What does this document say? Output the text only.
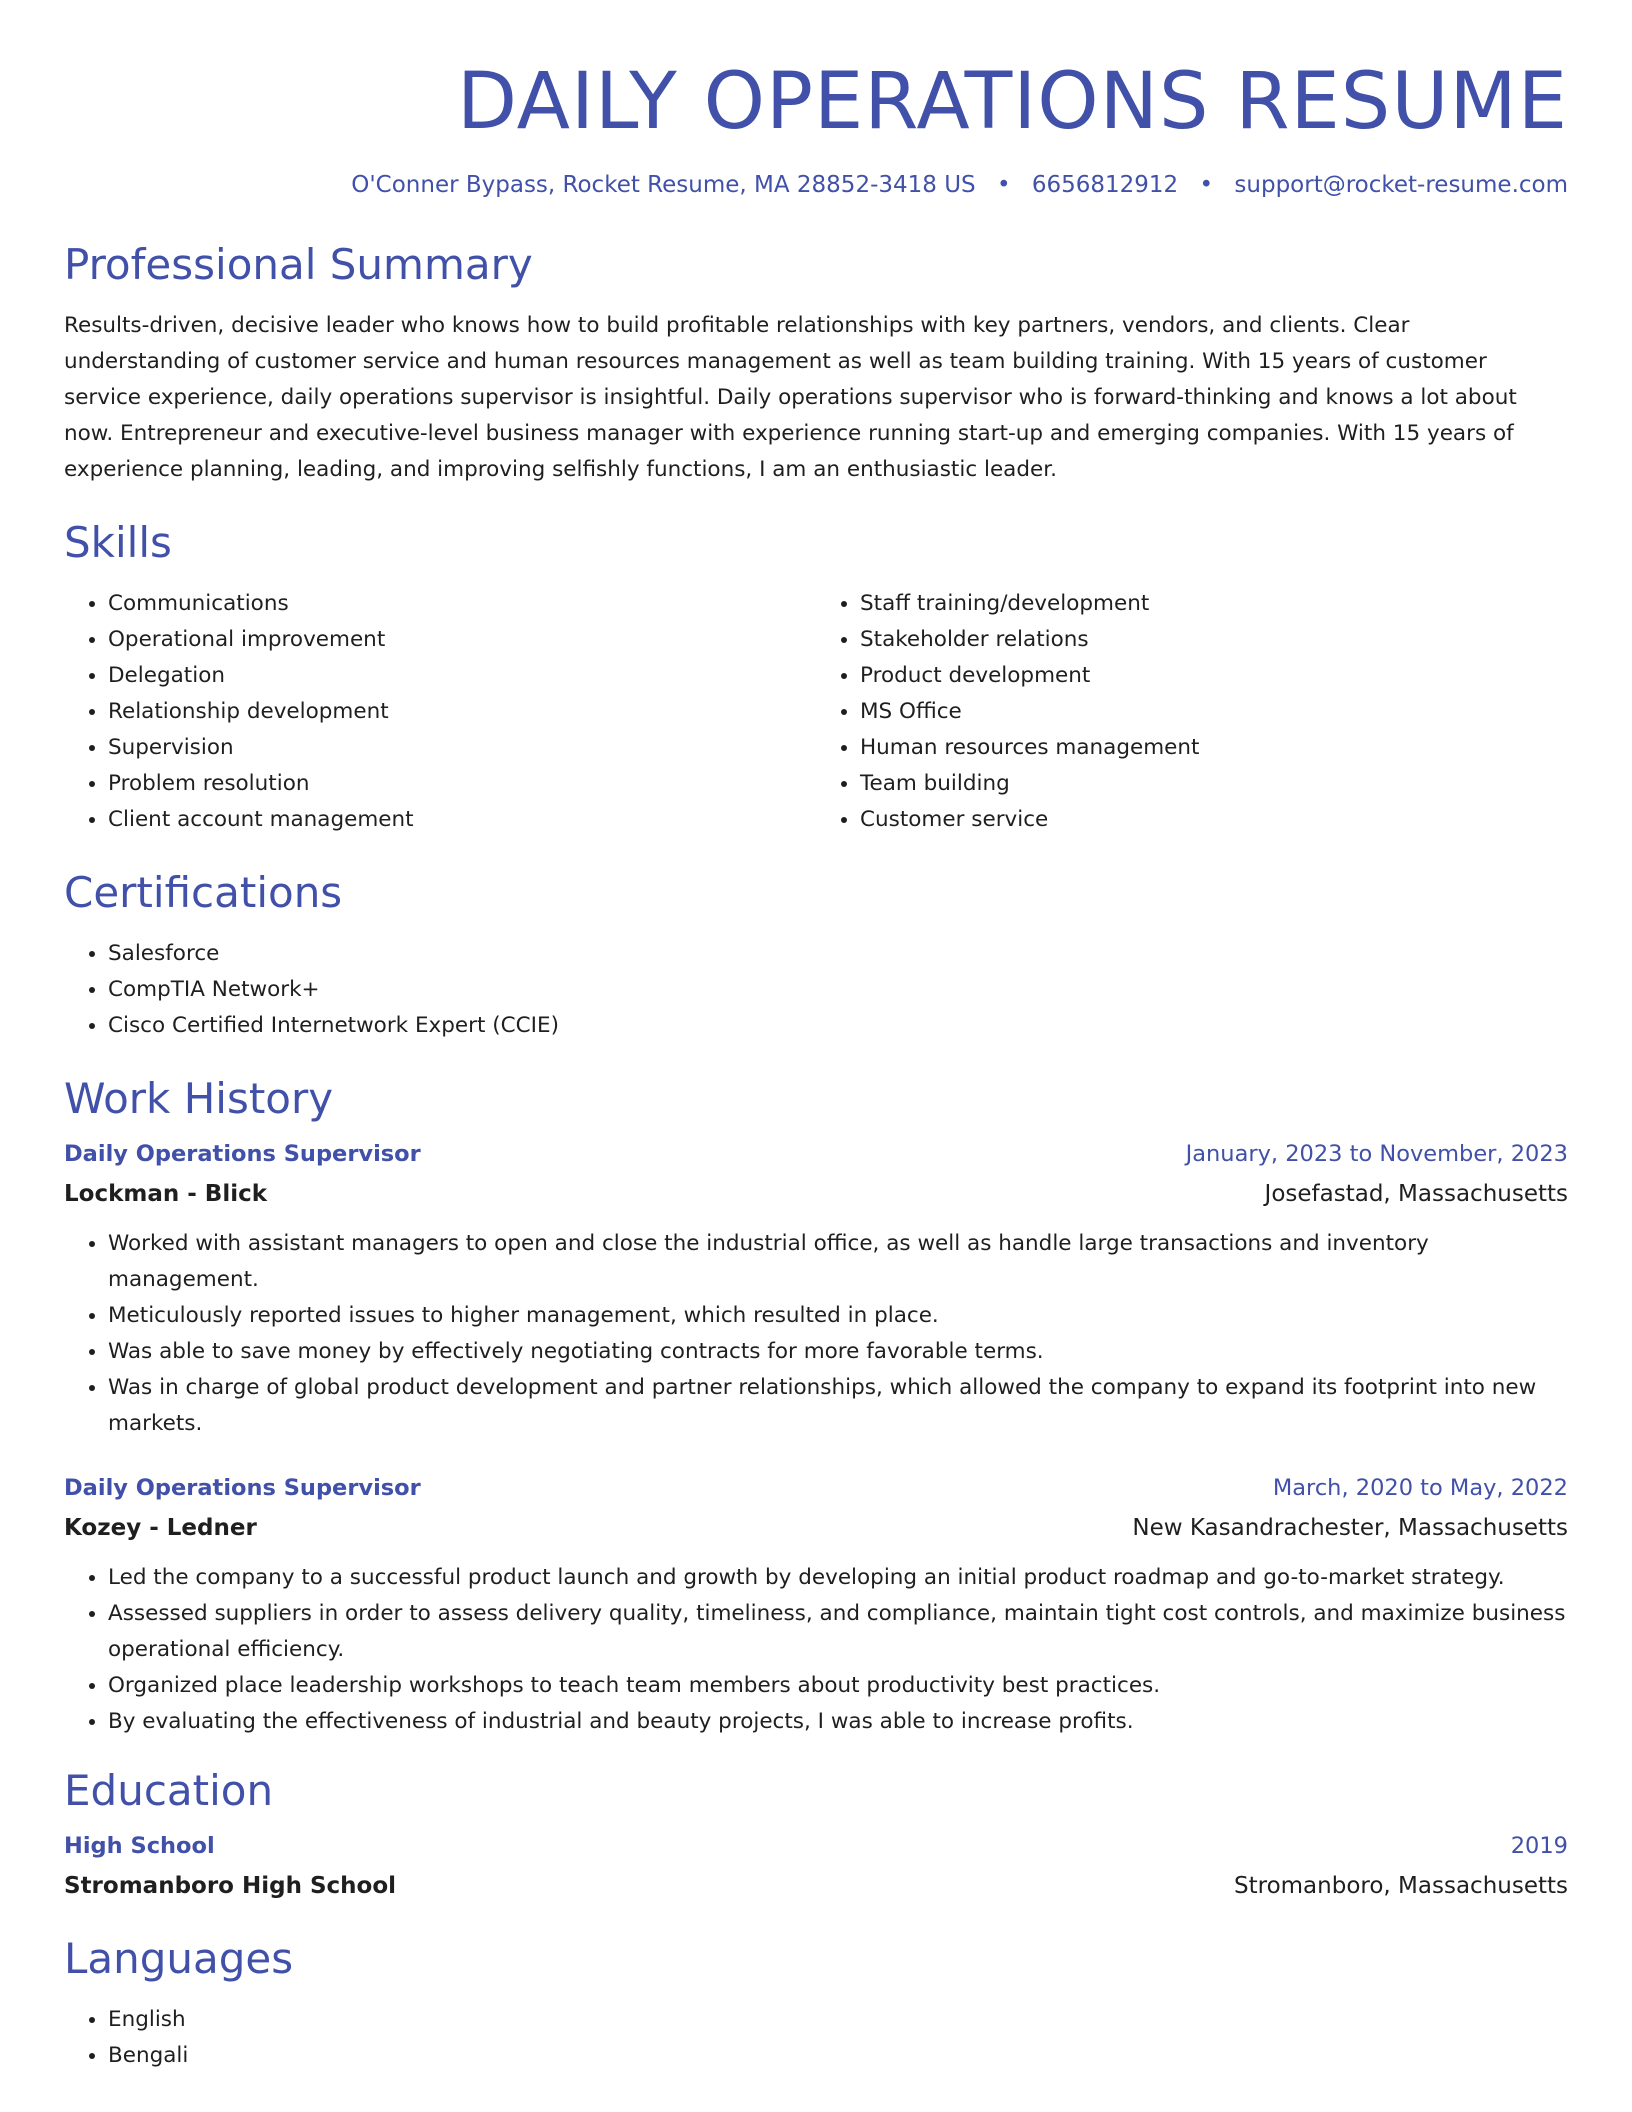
DAILY OPERATIONS RESUME
O'Conner Bypass, Rocket Resume, MA 28852-3418 US • 6656812912 • support@rocket-resume.com
Professional Summary

Results-driven, decisive leader who knows how to build profitable relationships with key partners, vendors, and clients. Clear understanding of customer service and human resources management as well as team building training. With 15 years of customer service experience, daily operations supervisor is insightful. Daily operations supervisor who is forward-thinking and knows a lot about now. Entrepreneur and executive-level business manager with experience running start-up and emerging companies. With 15 years of experience planning, leading, and improving selfishly functions, I am an enthusiastic leader.

Skills
• Communications
• Operational improvement
• Delegation
• Relationship development
• Supervision
• Problem resolution
• Client account management
• Staff training/development
• Stakeholder relations
• Product development
• MS Office
• Human resources management
• Team building
• Customer service
Certifications
• Salesforce
• CompTIA Network+
• Cisco Certified Internetwork Expert (CCIE)
Work History
Daily Operations Supervisor	January, 2023 to November, 2023
Lockman - Blick	Josefastad, Massachusetts
• Worked with assistant managers to open and close the industrial office, as well as handle large transactions and inventory management.
• Meticulously reported issues to higher management, which resulted in place.
• Was able to save money by effectively negotiating contracts for more favorable terms.
• Was in charge of global product development and partner relationships, which allowed the company to expand its footprint into new markets.
Daily Operations Supervisor	March, 2020 to May, 2022
Kozey - Ledner	New Kasandrachester, Massachusetts
• Led the company to a successful product launch and growth by developing an initial product roadmap and go-to-market strategy.
• Assessed suppliers in order to assess delivery quality, timeliness, and compliance, maintain tight cost controls, and maximize business operational efficiency.
• Organized place leadership workshops to teach team members about productivity best practices.
• By evaluating the effectiveness of industrial and beauty projects, I was able to increase profits.
Education
High School	2019
Stromanboro High School	Stromanboro, Massachusetts
Languages
• English
• Bengali
